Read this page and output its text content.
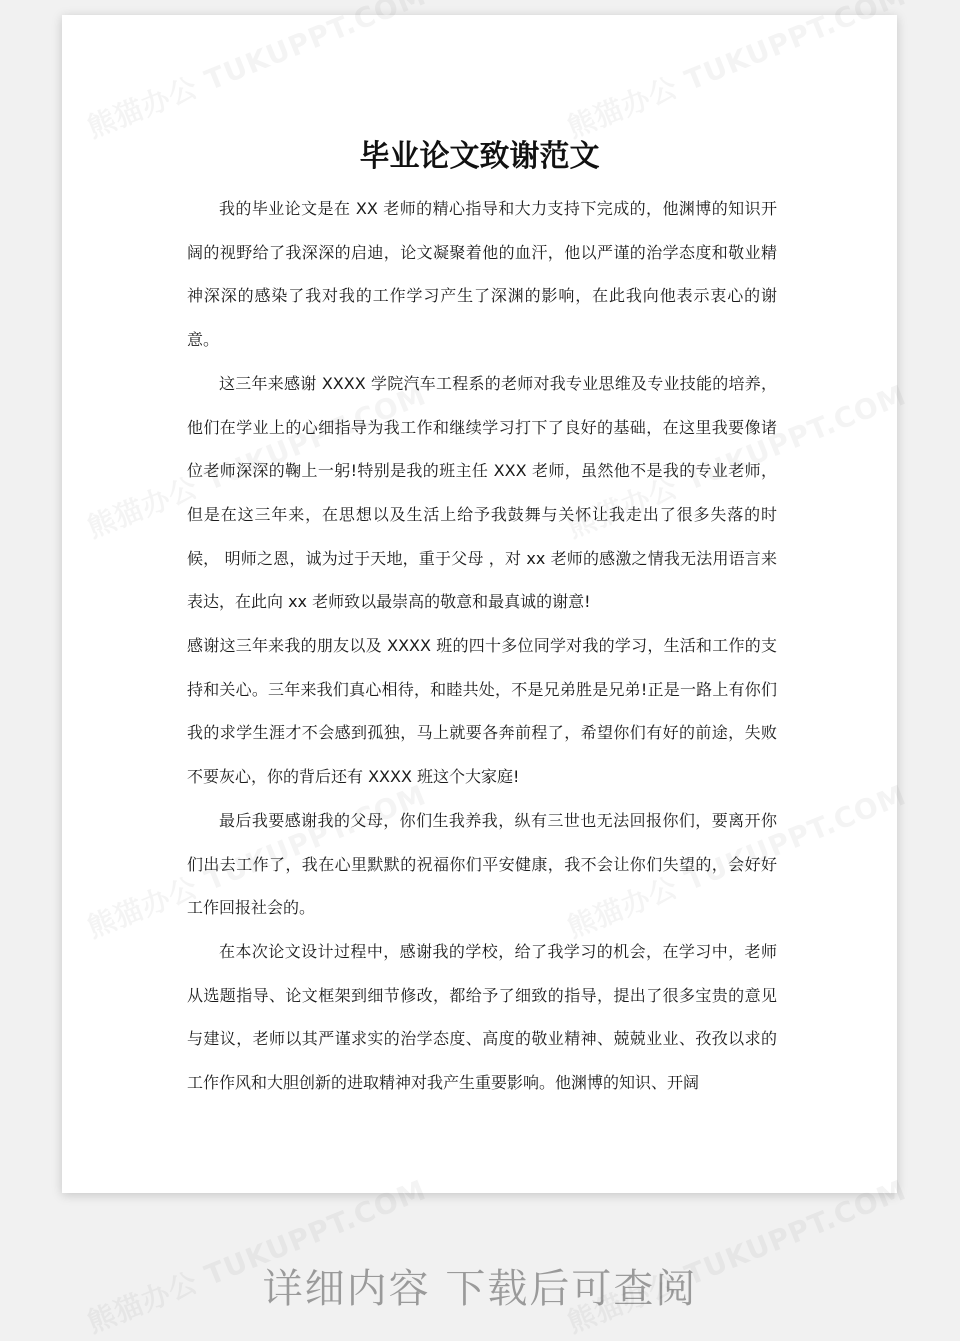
毕业论文致谢范文

我的毕业论文是在 XX 老师的精心指导和大力支持下完成的，他渊博的知识开阔的视野给了我深深的启迪，论文凝聚着他的血汗，他以严谨的治学态度和敬业精神深深的感染了我对我的工作学习产生了深渊的影响，在此我向他表示衷心的谢意。

这三年来感谢 XXXX 学院汽车工程系的老师对我专业思维及专业技能的培养，他们在学业上的心细指导为我工作和继续学习打下了良好的基础，在这里我要像诸位老师深深的鞠上一躬!特别是我的班主任 XXX 老师，虽然他不是我的专业老师，但是在这三年来，在思想以及生活上给予我鼓舞与关怀让我走出了很多失落的时候， 明师之恩，诚为过于天地，重于父母 ，对 xx 老师的感激之情我无法用语言来表达，在此向 xx 老师致以最崇高的敬意和最真诚的谢意!

感谢这三年来我的朋友以及 XXXX 班的四十多位同学对我的学习，生活和工作的支持和关心。三年来我们真心相待，和睦共处，不是兄弟胜是兄弟!正是一路上有你们我的求学生涯才不会感到孤独，马上就要各奔前程了，希望你们有好的前途，失败不要灰心，你的背后还有 XXXX 班这个大家庭!

最后我要感谢我的父母，你们生我养我，纵有三世也无法回报你们，要离开你们出去工作了，我在心里默默的祝福你们平安健康，我不会让你们失望的，会好好工作回报社会的。

在本次论文设计过程中，感谢我的学校，给了我学习的机会，在学习中，老师从选题指导、论文框架到细节修改，都给予了细致的指导，提出了很多宝贵的意见与建议，老师以其严谨求实的治学态度、高度的敬业精神、兢兢业业、孜孜以求的工作作风和大胆创新的进取精神对我产生重要影响。他渊博的知识、开阔

详细内容 下载后可查阅
